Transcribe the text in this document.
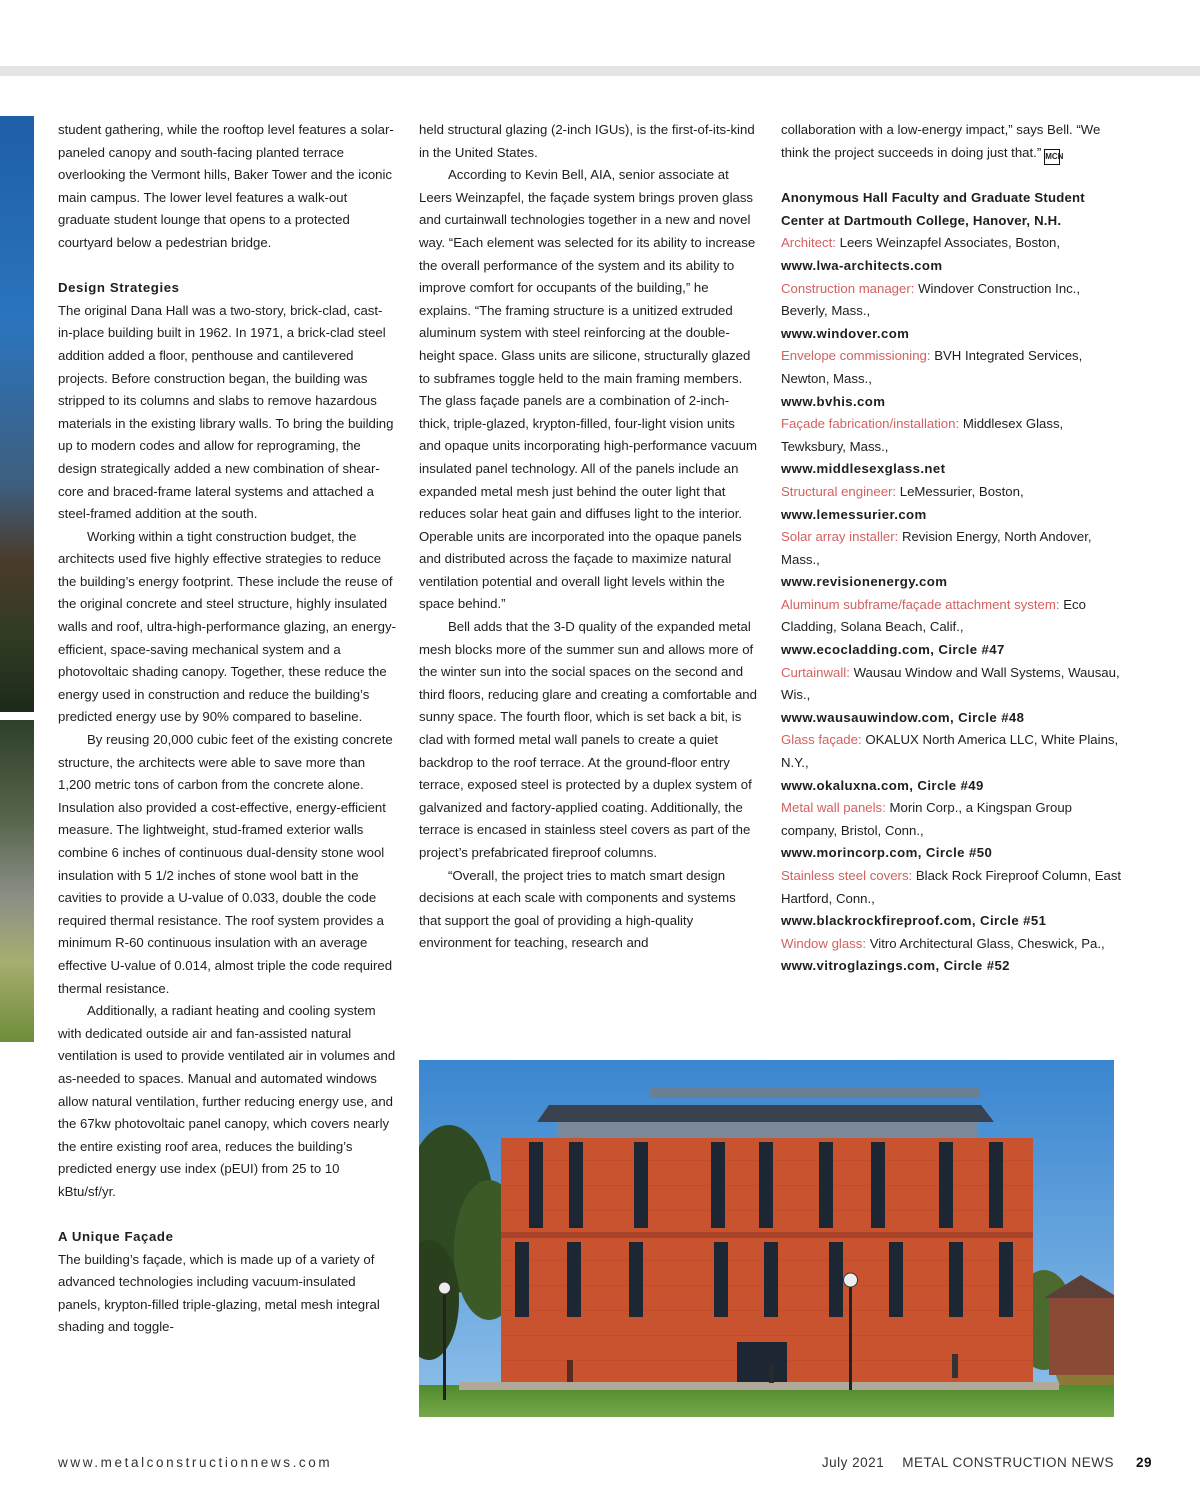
student gathering, while the rooftop level features a solar-paneled canopy and south-facing planted terrace overlooking the Vermont hills, Baker Tower and the iconic main campus. The lower level features a walk-out graduate student lounge that opens to a protected courtyard below a pedestrian bridge.

Design Strategies

The original Dana Hall was a two-story, brick-clad, cast-in-place building built in 1962. In 1971, a brick-clad steel addition added a floor, penthouse and cantilevered projects. Before construction began, the building was stripped to its columns and slabs to remove hazardous materials in the existing library walls. To bring the building up to modern codes and allow for reprograming, the design strategically added a new combination of shear-core and braced-frame lateral systems and attached a steel-framed addition at the south.

Working within a tight construction budget, the architects used five highly effective strategies to reduce the building’s energy footprint. These include the reuse of the original concrete and steel structure, highly insulated walls and roof, ultra-high-performance glazing, an energy-efficient, space-saving mechanical system and a photovoltaic shading canopy. Together, these reduce the energy used in construction and reduce the building’s predicted energy use by 90% compared to baseline.

By reusing 20,000 cubic feet of the existing concrete structure, the architects were able to save more than 1,200 metric tons of carbon from the concrete alone. Insulation also provided a cost-effective, energy-efficient measure. The lightweight, stud-framed exterior walls combine 6 inches of continuous dual-density stone wool insulation with 5 1/2 inches of stone wool batt in the cavities to provide a U-value of 0.033, double the code required thermal resistance. The roof system provides a minimum R-60 continuous insulation with an average effective U-value of 0.014, almost triple the code required thermal resistance.

Additionally, a radiant heating and cooling system with dedicated outside air and fan-assisted natural ventilation is used to provide ventilated air in volumes and as-needed to spaces. Manual and automated windows allow natural ventilation, further reducing energy use, and the 67kw photovoltaic panel canopy, which covers nearly the entire existing roof area, reduces the building’s predicted energy use index (pEUI) from 25 to 10 kBtu/sf/yr.

A Unique Façade

The building’s façade, which is made up of a variety of advanced technologies including vacuum-insulated panels, krypton-filled triple-glazing, metal mesh integral shading and toggle-

held structural glazing (2-inch IGUs), is the first-of-its-kind in the United States.

According to Kevin Bell, AIA, senior associate at Leers Weinzapfel, the façade system brings proven glass and curtainwall technologies together in a new and novel way. “Each element was selected for its ability to increase the overall performance of the system and its ability to improve comfort for occupants of the building,” he explains. “The framing structure is a unitized extruded aluminum system with steel reinforcing at the double-height space. Glass units are silicone, structurally glazed to subframes toggle held to the main framing members. The glass façade panels are a combination of 2-inch-thick, triple-glazed, krypton-filled, four-light vision units and opaque units incorporating high-performance vacuum insulated panel technology. All of the panels include an expanded metal mesh just behind the outer light that reduces solar heat gain and diffuses light to the interior. Operable units are incorporated into the opaque panels and distributed across the façade to maximize natural ventilation potential and overall light levels within the space behind.”

Bell adds that the 3-D quality of the expanded metal mesh blocks more of the summer sun and allows more of the winter sun into the social spaces on the second and third floors, reducing glare and creating a comfortable and sunny space. The fourth floor, which is set back a bit, is clad with formed metal wall panels to create a quiet backdrop to the roof terrace. At the ground-floor entry terrace, exposed steel is protected by a duplex system of galvanized and factory-applied coating. Additionally, the terrace is encased in stainless steel covers as part of the project’s prefabricated fireproof columns.

“Overall, the project tries to match smart design decisions at each scale with components and systems that support the goal of providing a high-quality environment for teaching, research and

collaboration with a low-energy impact,” says Bell. “We think the project succeeds in doing just that.” MCN

Anonymous Hall Faculty and Graduate Student Center at Dartmouth College, Hanover, N.H.

Architect: Leers Weinzapfel Associates, Boston,

www.lwa-architects.com

Construction manager: Windover Construction Inc., Beverly, Mass.,

www.windover.com

Envelope commissioning: BVH Integrated Services, Newton, Mass.,

www.bvhis.com

Façade fabrication/installation: Middlesex Glass, Tewksbury, Mass.,

www.middlesexglass.net

Structural engineer: LeMessurier, Boston,

www.lemessurier.com

Solar array installer: Revision Energy, North Andover, Mass.,

www.revisionenergy.com

Aluminum subframe/façade attachment system: Eco Cladding, Solana Beach, Calif.,

www.ecocladding.com, Circle #47

Curtainwall: Wausau Window and Wall Systems, Wausau, Wis.,

www.wausauwindow.com, Circle #48

Glass façade: OKALUX North America LLC, White Plains, N.Y.,

www.okaluxna.com, Circle #49

Metal wall panels: Morin Corp., a Kingspan Group company, Bristol, Conn.,

www.morincorp.com, Circle #50

Stainless steel covers: Black Rock Fireproof Column, East Hartford, Conn.,

www.blackrockfireproof.com, Circle #51

Window glass: Vitro Architectural Glass, Cheswick, Pa.,

www.vitroglazings.com, Circle #52

www.metalconstructionnews.com	July 2021 METAL CONSTRUCTION NEWS 29
